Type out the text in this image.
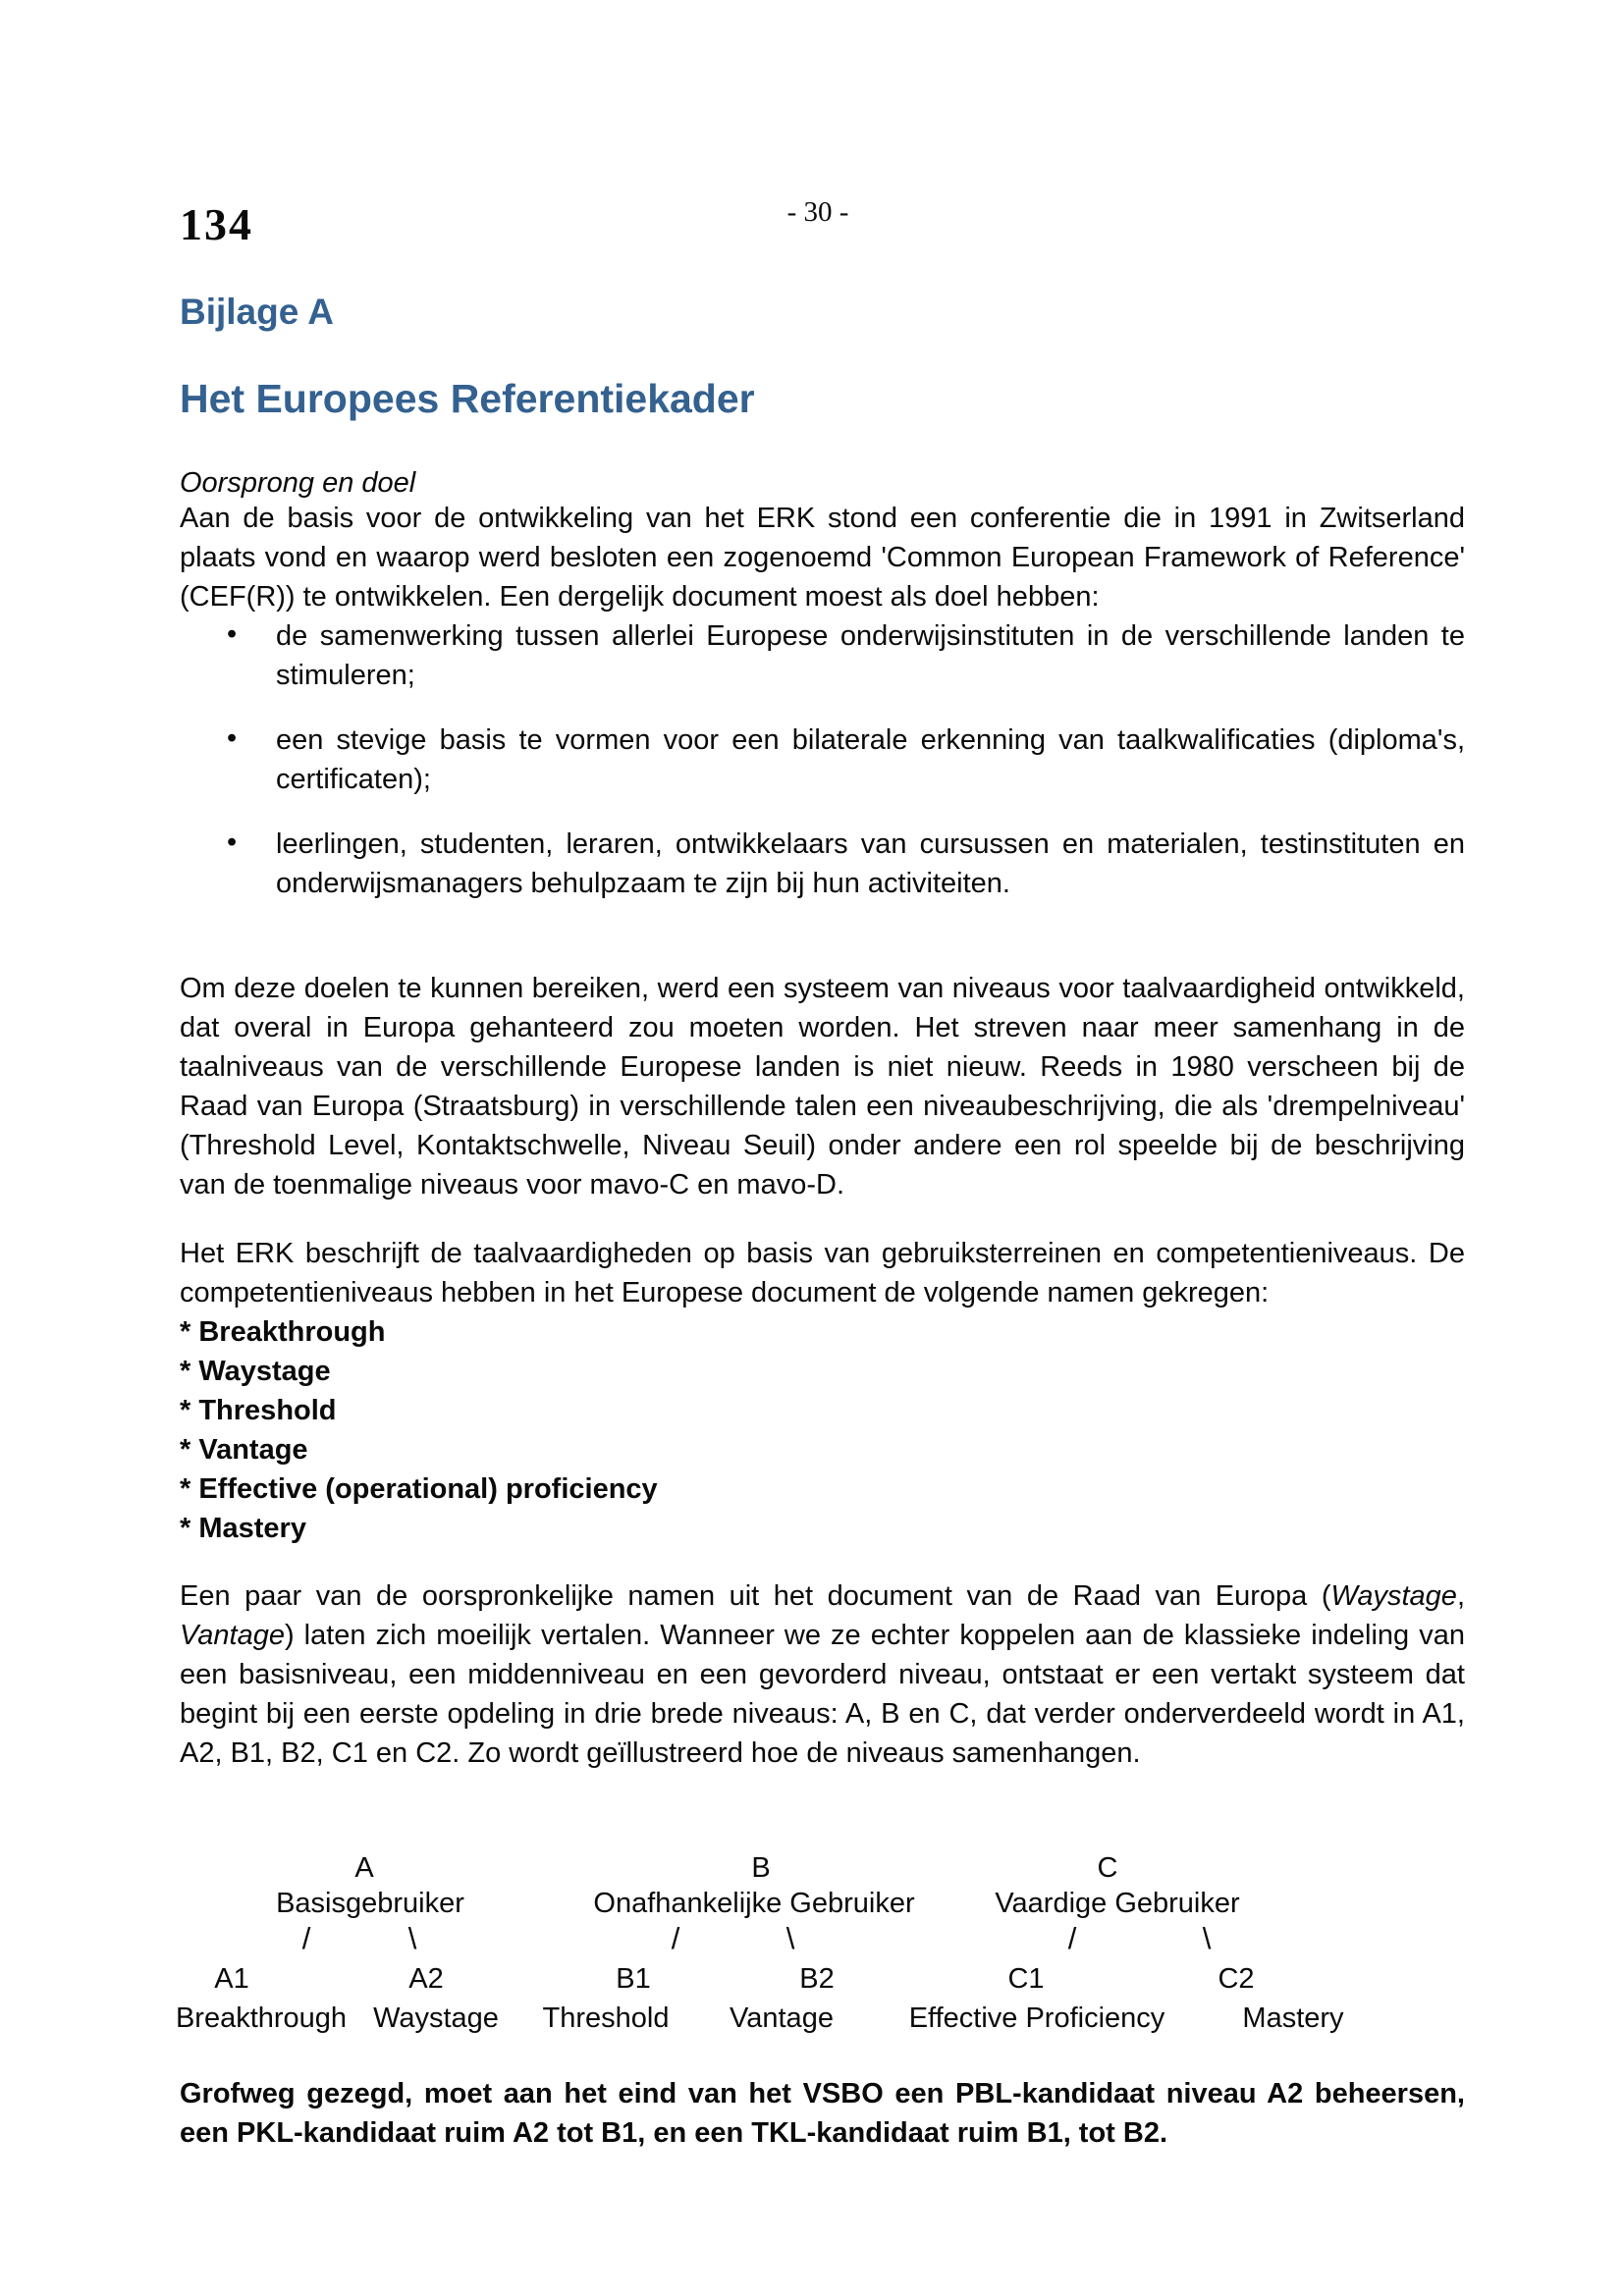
134	- 30 -
Bijlage A
Het Europees Referentiekader
Oorsprong en doel

Aan de basis voor de ontwikkeling van het ERK stond een conferentie die in 1991 in Zwitserland plaats vond en waarop werd besloten een zogenoemd 'Common European Framework of Reference' (CEF(R)) te ontwikkelen. Een dergelijk document moest als doel hebben:

• de samenwerking tussen allerlei Europese onderwijsinstituten in de verschillende landen te stimuleren;
• een stevige basis te vormen voor een bilaterale erkenning van taalkwalificaties (diploma's, certificaten);
• leerlingen, studenten, leraren, ontwikkelaars van cursussen en materialen, testinstituten en onderwijsmanagers behulpzaam te zijn bij hun activiteiten.

Om deze doelen te kunnen bereiken, werd een systeem van niveaus voor taalvaardigheid ontwikkeld, dat overal in Europa gehanteerd zou moeten worden. Het streven naar meer samenhang in de taalniveaus van de verschillende Europese landen is niet nieuw. Reeds in 1980 verscheen bij de Raad van Europa (Straatsburg) in verschillende talen een niveaubeschrijving, die als 'drempelniveau' (Threshold Level, Kontaktschwelle, Niveau Seuil) onder andere een rol speelde bij de beschrijving van de toenmalige niveaus voor mavo-C en mavo-D.

Het ERK beschrijft de taalvaardigheden op basis van gebruiksterreinen en competentieniveaus. De competentieniveaus hebben in het Europese document de volgende namen gekregen:

* Breakthrough
* Waystage
* Threshold
* Vantage
* Effective (operational) proficiency
* Mastery

Een paar van de oorspronkelijke namen uit het document van de Raad van Europa (Waystage, Vantage) laten zich moeilijk vertalen. Wanneer we ze echter koppelen aan de klassieke indeling van een basisniveau, een middenniveau en een gevorderd niveau, ontstaat er een vertakt systeem dat begint bij een eerste opdeling in drie brede niveaus: A, B en C, dat verder onderverdeeld wordt in A1, A2, B1, B2, C1 en C2. Zo wordt geïllustreerd hoe de niveaus samenhangen.

A	B	C
Basisgebruiker	Onafhankelijke Gebruiker	Vaardige Gebruiker
/	\	/	\	/	\
A1	A2	B1	B2	C1	C2
Breakthrough Waystage Threshold Vantage	Effective Proficiency	Mastery

Grofweg gezegd, moet aan het eind van het VSBO een PBL-kandidaat niveau A2 beheersen, een PKL-kandidaat ruim A2 tot B1, en een TKL-kandidaat ruim B1, tot B2.
